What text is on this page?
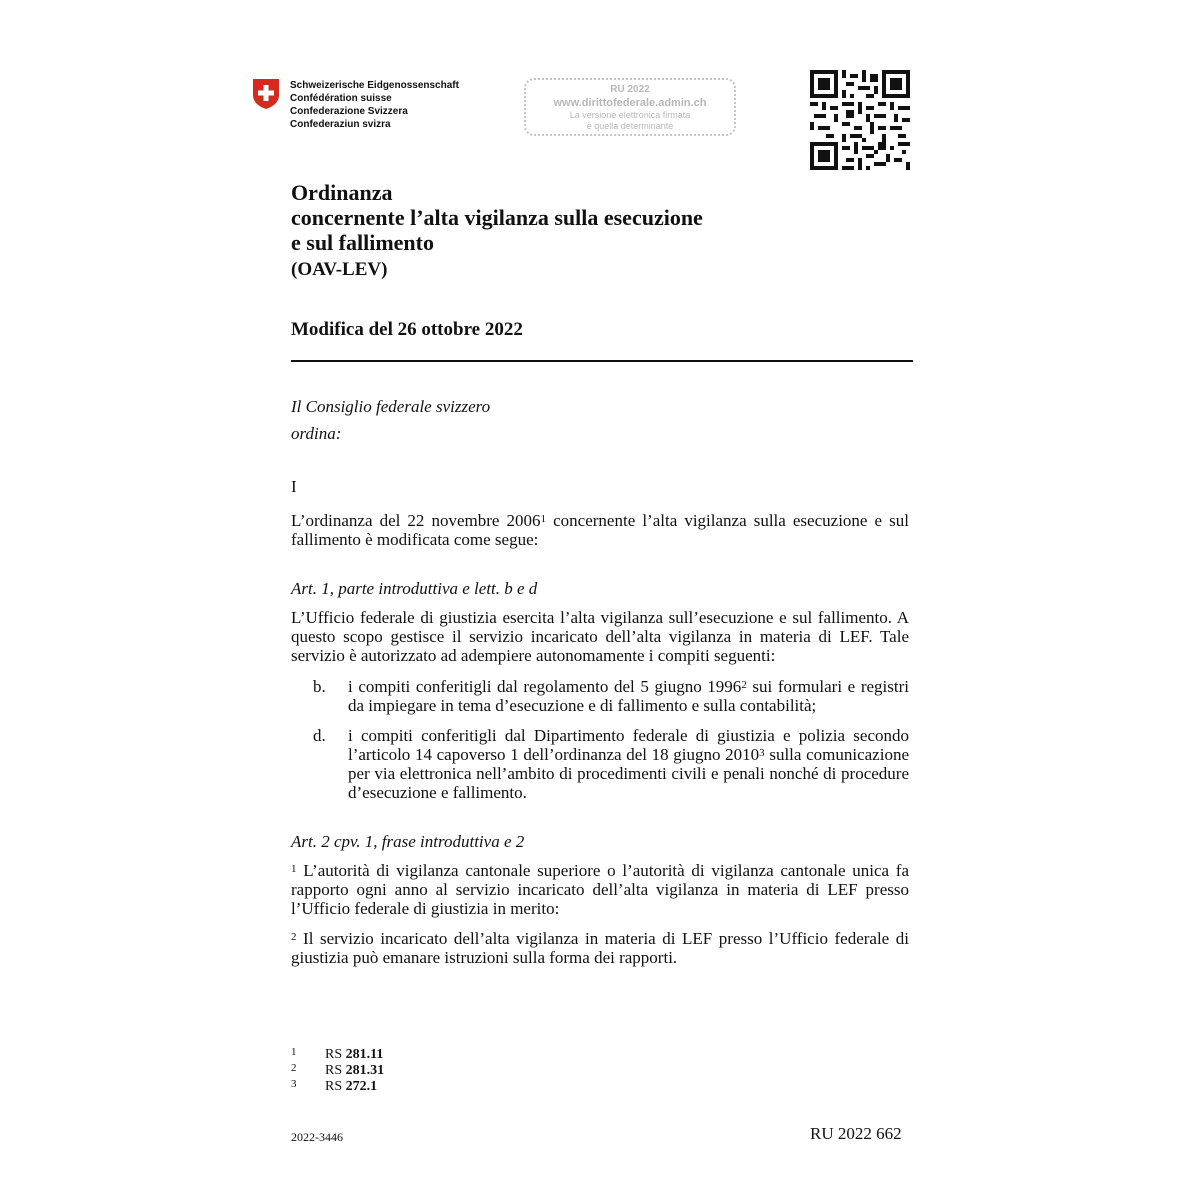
Schweizerische Eidgenossenschaft
Confédération suisse
Confederazione Svizzera
Confederaziun svizra
RU 2022
www.dirittofederale.admin.ch
La versione elettronica firmata
è quella determinante
Ordinanza
concernente l’alta vigilanza sulla esecuzione
e sul fallimento
(OAV-LEV)
Modifica del 26 ottobre 2022
Il Consiglio federale svizzero
ordina:
I
L’ordinanza del 22 novembre 2006$^1$ concernente l’alta vigilanza sulla esecuzione e sul fallimento è modificata come segue:
Art. 1, parte introduttiva e lett. b e d
L’Ufficio federale di giustizia esercita l’alta vigilanza sull’esecuzione e sul fallimento. A questo scopo gestisce il servizio incaricato dell’alta vigilanza in materia di LEF. Tale servizio è autorizzato ad adempiere autonomamente i compiti seguenti:
b. i compiti conferitigli dal regolamento del 5 giugno 1996$^2$ sui formulari e registri da impiegare in tema d’esecuzione e di fallimento e sulla contabilità;
d. i compiti conferitigli dal Dipartimento federale di giustizia e polizia secondo l’articolo 14 capoverso 1 dell’ordinanza del 18 giugno 2010$^3$ sulla comunicazione per via elettronica nell’ambito di procedimenti civili e penali nonché di procedure d’esecuzione e fallimento.
Art. 2 cpv. 1, frase introduttiva e 2
$^1$ L’autorità di vigilanza cantonale superiore o l’autorità di vigilanza cantonale unica fa rapporto ogni anno al servizio incaricato dell’alta vigilanza in materia di LEF presso l’Ufficio federale di giustizia in merito:
$^2$ Il servizio incaricato dell’alta vigilanza in materia di LEF presso l’Ufficio federale di giustizia può emanare istruzioni sulla forma dei rapporti.
1 RS 281.11
2 RS 281.31
3 RS 272.1
2022-3446	RU 2022 662
